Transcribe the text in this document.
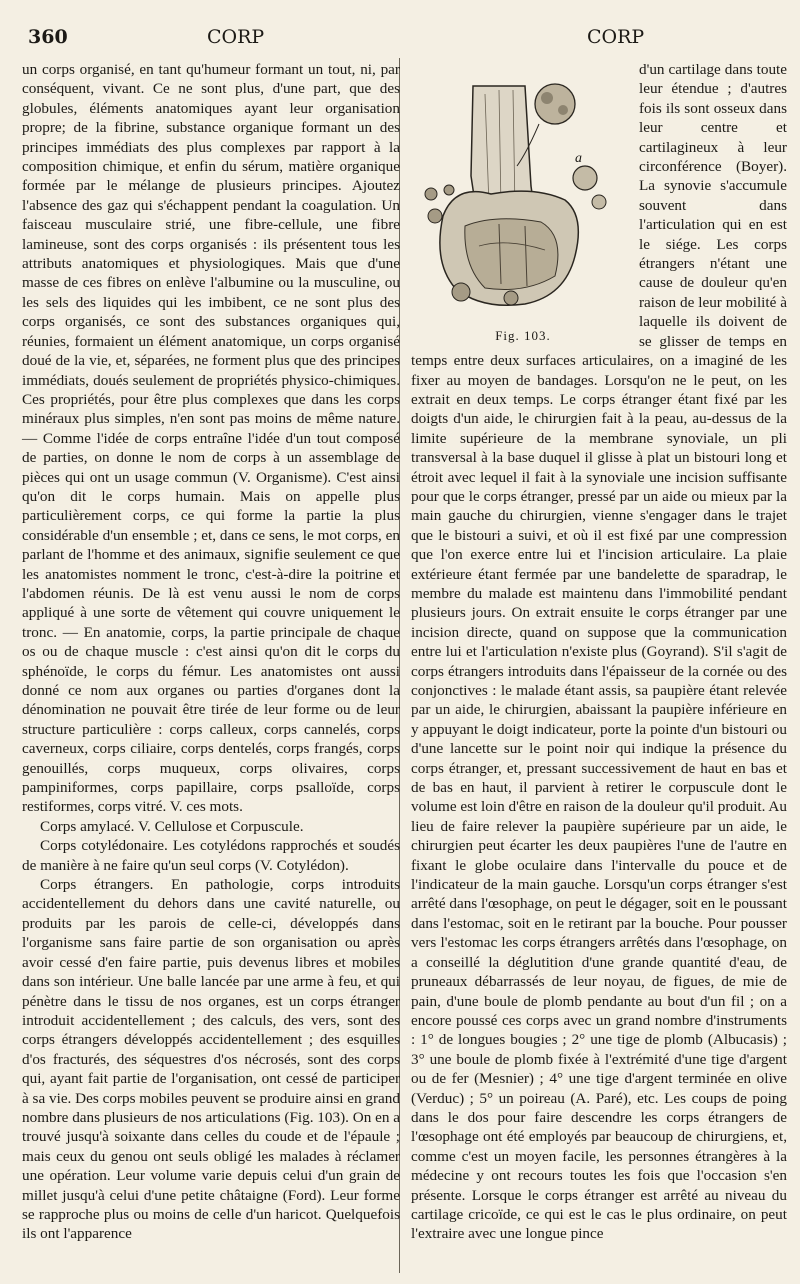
360	CORP	CORP

un corps organisé, en tant qu'humeur formant un tout, ni, par conséquent, vivant. Ce ne sont plus, d'une part, que des globules, éléments anatomiques ayant leur organisation propre; de la fibrine, substance organique formant un des principes immédiats des plus complexes par rapport à la composition chimique, et enfin du sérum, matière organique formée par le mélange de plusieurs principes. Ajoutez l'absence des gaz qui s'échappent pendant la coagulation. Un faisceau musculaire strié, une fibre-cellule, une fibre lamineuse, sont des corps organisés : ils présentent tous les attributs anatomiques et physiologiques. Mais que d'une masse de ces fibres on enlève l'albumine ou la musculine, ou les sels des liquides qui les imbibent, ce ne sont plus des corps organisés, ce sont des substances organiques qui, réunies, formaient un élément anatomique, un corps organisé doué de la vie, et, séparées, ne forment plus que des principes immédiats, doués seulement de propriétés physico-chimiques. Ces propriétés, pour être plus complexes que dans les corps minéraux plus simples, n'en sont pas moins de même nature. — Comme l'idée de corps entraîne l'idée d'un tout composé de parties, on donne le nom de corps à un assemblage de pièces qui ont un usage commun (V. Organisme). C'est ainsi qu'on dit le corps humain. Mais on appelle plus particulièrement corps, ce qui forme la partie la plus considérable d'un ensemble ; et, dans ce sens, le mot corps, en parlant de l'homme et des animaux, signifie seulement ce que les anatomistes nomment le tronc, c'est-à-dire la poitrine et l'abdomen réunis. De là est venu aussi le nom de corps appliqué à une sorte de vêtement qui couvre uniquement le tronc. — En anatomie, corps, la partie principale de chaque os ou de chaque muscle : c'est ainsi qu'on dit le corps du sphénoïde, le corps du fémur. Les anatomistes ont aussi donné ce nom aux organes ou parties d'organes dont la dénomination ne pouvait être tirée de leur forme ou de leur structure particulière : corps calleux, corps cannelés, corps caverneux, corps ciliaire, corps dentelés, corps frangés, corps genouillés, corps muqueux, corps olivaires, corps pampiniformes, corps papillaire, corps psalloïde, corps restiformes, corps vitré. V. ces mots.

Corps amylacé. V. Cellulose et Corpuscule.

Corps cotylédonaire. Les cotylédons rapprochés et soudés de manière à ne faire qu'un seul corps (V. Cotylédon).

Corps étrangers. En pathologie, corps introduits accidentellement du dehors dans une cavité naturelle, ou produits par les parois de celle-ci, développés dans l'organisme sans faire partie de son organisation ou après avoir cessé d'en faire partie, puis devenus libres et mobiles dans son intérieur. Une balle lancée par une arme à feu, et qui pénètre dans le tissu de nos organes, est un corps étranger introduit accidentellement ; des calculs, des vers, sont des corps étrangers développés accidentellement ; des esquilles d'os fracturés, des séquestres d'os nécrosés, sont des corps qui, ayant fait partie de l'organisation, ont cessé de participer à sa vie. Des corps mobiles peuvent se produire ainsi en grand nombre dans plusieurs de nos articulations (Fig. 103). On en a trouvé jusqu'à soixante dans celles du coude et de l'épaule ; mais ceux du genou ont seuls obligé les malades à réclamer une opération. Leur volume varie depuis celui d'un grain de millet jusqu'à celui d'une petite châtaigne (Ford). Leur forme se rapproche plus ou moins de celle d'un haricot. Quelquefois ils ont l'apparence

a
Fig. 103.

d'un cartilage dans toute leur étendue ; d'autres fois ils sont osseux dans leur centre et cartilagineux à leur circonférence (Boyer). La synovie s'accumule souvent dans l'articulation qui en est le siége. Les corps étrangers n'étant une cause de douleur qu'en raison de leur mobilité à laquelle ils doivent de se glisser de temps en temps entre deux surfaces articulaires, on a imaginé de les fixer au moyen de bandages. Lorsqu'on ne le peut, on les extrait en deux temps. Le corps étranger étant fixé par les doigts d'un aide, le chirurgien fait à la peau, au-dessus de la limite supérieure de la membrane synoviale, un pli transversal à la base duquel il glisse à plat un bistouri long et étroit avec lequel il fait à la synoviale une incision suffisante pour que le corps étranger, pressé par un aide ou mieux par la main gauche du chirurgien, vienne s'engager dans le trajet que le bistouri a suivi, et où il est fixé par une compression que l'on exerce entre lui et l'incision articulaire. La plaie extérieure étant fermée par une bandelette de sparadrap, le membre du malade est maintenu dans l'immobilité pendant plusieurs jours. On extrait ensuite le corps étranger par une incision directe, quand on suppose que la communication entre lui et l'articulation n'existe plus (Goyrand). S'il s'agit de corps étrangers introduits dans l'épaisseur de la cornée ou des conjonctives : le malade étant assis, sa paupière étant relevée par un aide, le chirurgien, abaissant la paupière inférieure en y appuyant le doigt indicateur, porte la pointe d'un bistouri ou d'une lancette sur le point noir qui indique la présence du corps étranger, et, pressant successivement de haut en bas et de bas en haut, il parvient à retirer le corpuscule dont le volume est loin d'être en raison de la douleur qu'il produit. Au lieu de faire relever la paupière supérieure par un aide, le chirurgien peut écarter les deux paupières l'une de l'autre en fixant le globe oculaire dans l'intervalle du pouce et de l'indicateur de la main gauche. Lorsqu'un corps étranger s'est arrêté dans l'œsophage, on peut le dégager, soit en le poussant dans l'estomac, soit en le retirant par la bouche. Pour pousser vers l'estomac les corps étrangers arrêtés dans l'œsophage, on a conseillé la déglutition d'une grande quantité d'eau, de pruneaux débarrassés de leur noyau, de figues, de mie de pain, d'une boule de plomb pendante au bout d'un fil ; on a encore poussé ces corps avec un grand nombre d'instruments : 1° de longues bougies ; 2° une tige de plomb (Albucasis) ; 3° une boule de plomb fixée à l'extrémité d'une tige d'argent ou de fer (Mesnier) ; 4° une tige d'argent terminée en olive (Verduc) ; 5° un poireau (A. Paré), etc. Les coups de poing dans le dos pour faire descendre les corps étrangers de l'œsophage ont été employés par beaucoup de chirurgiens, et, comme c'est un moyen facile, les personnes étrangères à la médecine y ont recours toutes les fois que l'occasion s'en présente. Lorsque le corps étranger est arrêté au niveau du cartilage cricoïde, ce qui est le cas le plus ordinaire, on peut l'extraire avec une longue pince
